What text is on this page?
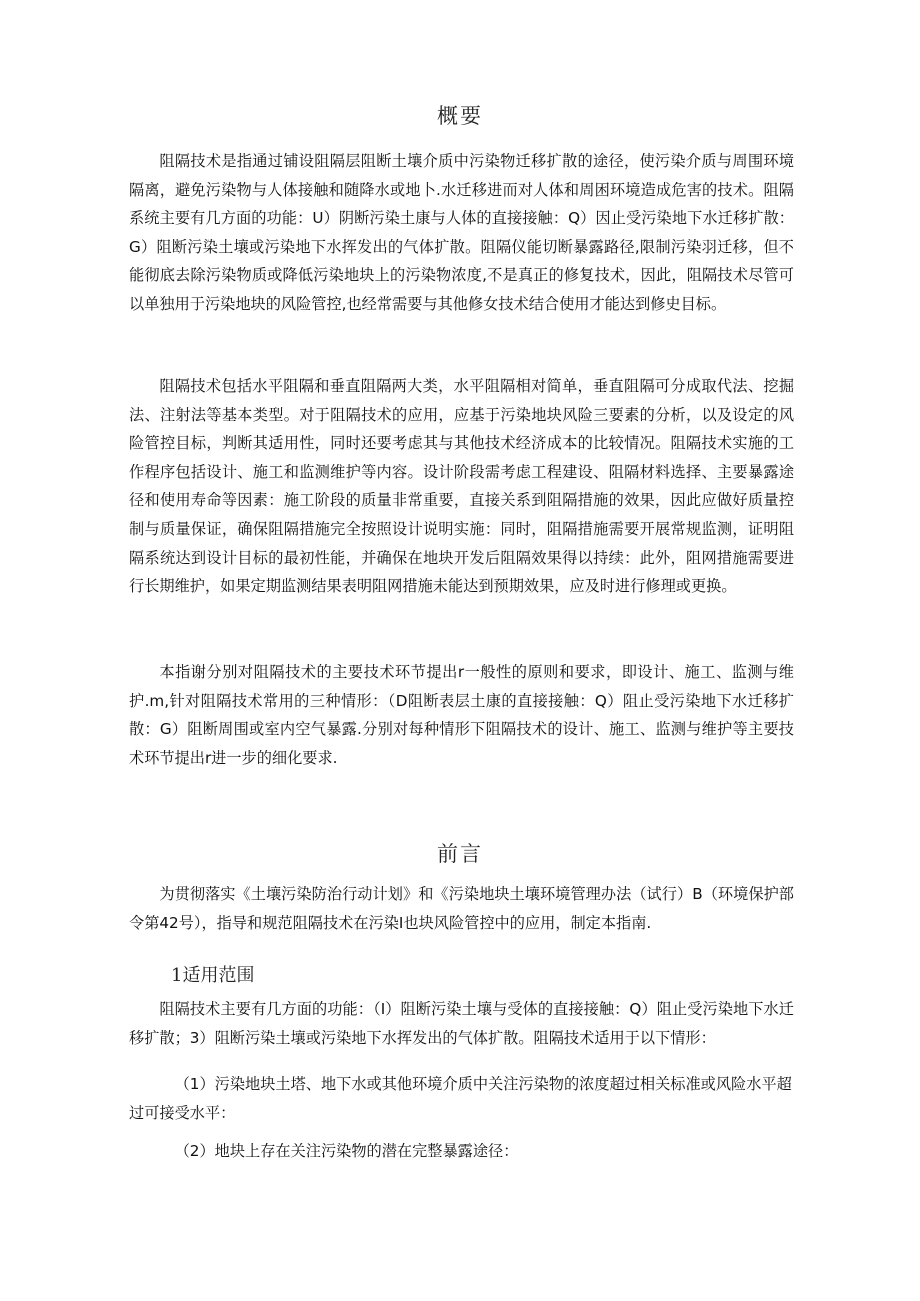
概要

阻隔技术是指通过铺设阻隔层阻断土壤介质中污染物迁移扩散的途径，使污染介质与周围环境隔离，避免污染物与人体接触和随降水或地卜.水迁移进而对人体和周困环境造成危害的技术。阻隔系统主要有几方面的功能：U）阴断污染土康与人体的直接接触：Q）因止受污染地下水迁移扩散：G）阻断污染土壤或污染地下水挥发出的气体扩散。阻隔仪能切断暴露路径,限制污染羽迁移，但不能彻底去除污染物质或降低污染地块上的污染物浓度,不是真正的修复技术，因此，阻隔技术尽管可以单独用于污染地块的风险管控,也经常需要与其他修女技术结合使用才能达到修史目标。

阻隔技术包括水平阻隔和垂直阻隔两大类，水平阻隔相对简单，垂直阻隔可分成取代法、挖掘法、注射法等基本类型。对于阻隔技术的应用，应基于污染地块风险三要素的分析，以及设定的风险管控目标，判断其适用性，同时还要考虑其与其他技术经济成本的比较情况。阻隔技术实施的工作程序包括设计、施工和监测维护等内容。设计阶段需考虑工程建设、阻隔材料选择、主要暴露途径和使用寿命等因素：施工阶段的质量非常重要，直接关系到阻隔措施的效果，因此应做好质量控制与质量保证，确保阻隔措施完全按照设计说明实施：同时，阻隔措施需要开展常规监测，证明阻隔系统达到设计目标的最初性能，并确保在地块开发后阻隔效果得以持续：此外，阻网措施需要进行长期维护，如果定期监测结果表明阻网措施未能达到预期效果，应及时进行修理或更换。

本指谢分别对阻隔技术的主要技术环节提出r一般性的原则和要求，即设计、施工、监测与维护.m,针对阻隔技术常用的三种情形：（D阻断表层土康的直接接触：Q）阻止受污染地下水迁移扩散：G）阻断周围或室内空气暴露.分别对每种情形下阻隔技术的设计、施工、监测与维护等主要技术环节提出r进一步的细化要求.

前言

为贯彻落实《土壤污染防治行动计划》和《污染地块土壤环境管理办法（试行）B（环境保护部令第42号），指导和规范阻隔技术在污染I也块风险管控中的应用，制定本指南.

1适用范围

阻隔技术主要有几方面的功能：（I）阻断污染土壤与受体的直接接触：Q）阻止受污染地下水迁移扩散；3）阻断污染土壤或污染地下水挥发出的气体扩散。阻隔技术适用于以下情形：

（1）污染地块土塔、地下水或其他环境介质中关注污染物的浓度超过相关标准或风险水平超过可接受水平：

（2）地块上存在关注污染物的潜在完整暴露途径：
